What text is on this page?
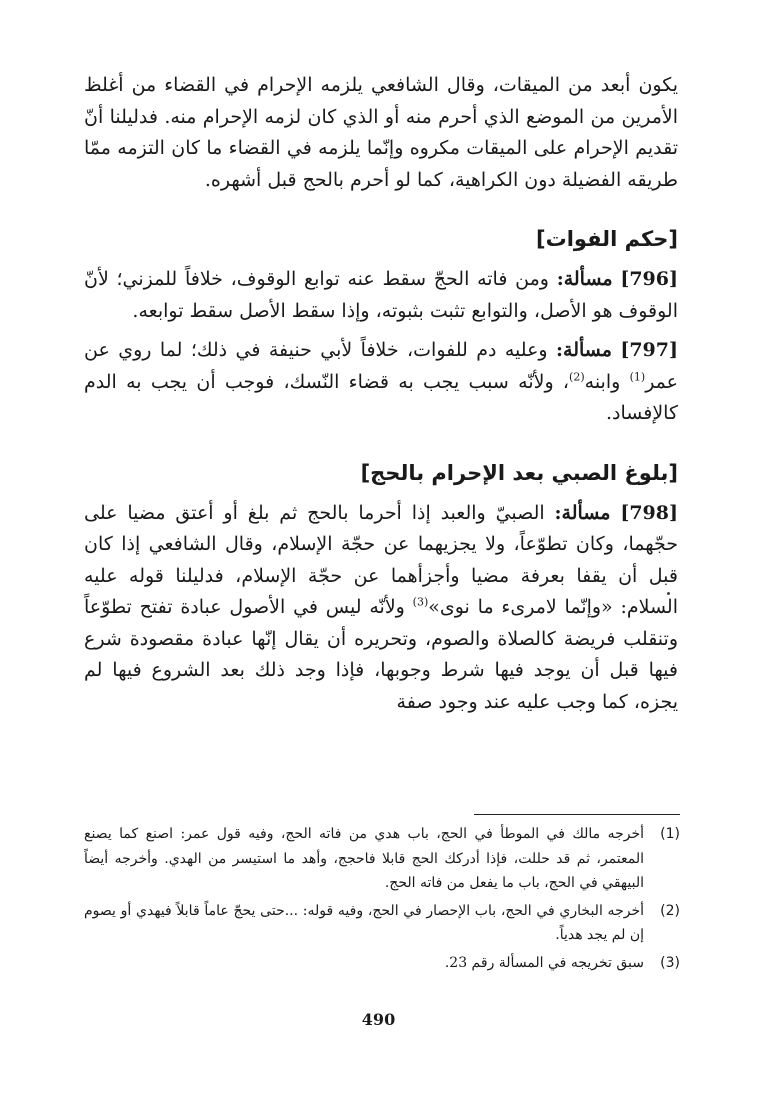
يكون أبعد من الميقات، وقال الشافعي يلزمه الإحرام في القضاء من أغلظ الأمرين من الموضع الذي أحرم منه أو الذي كان لزمه الإحرام منه. فدليلنا أنّ تقديم الإحرام على الميقات مكروه وإنّما يلزمه في القضاء ما كان التزمه ممّا طريقه الفضيلة دون الكراهية، كما لو أحرم بالحج قبل أشهره.

[حكم الفوات]

[796] مسألة: ومن فاته الحجّ سقط عنه توابع الوقوف، خلافاً للمزني؛ لأنّ الوقوف هو الأصل، والتوابع تثبت بثبوته، وإذا سقط الأصل سقط توابعه.

[797] مسألة: وعليه دم للفوات، خلافاً لأبي حنيفة في ذلك؛ لما روي عن عمر$^{(1)}$ وابنه$^{(2)}$، ولأنّه سبب يجب به قضاء النّسك، فوجب أن يجب به الدم كالإفساد.

[بلوغ الصبي بعد الإحرام بالحج]

[798] مسألة: الصبيّ والعبد إذا أحرما بالحج ثم بلغ أو أعتق مضيا على حجّهما، وكان تطوّعاً، ولا يجزيهما عن حجّة الإسلام، وقال الشافعي إذا كان قبل أن يقفا بعرفة مضيا وأجزأهما عن حجّة الإسلام، فدليلنا قوله عليه السلام: «وإنّما لامرىء ما نوى»$^{(3)}$ ولأنّه ليس في الأصول عبادة تفتح تطوّعاً وتنقلب فريضة كالصلاة والصوم، وتحريره أن يقال إنّها عبادة مقصودة شرع فيها قبل أن يوجد فيها شرط وجوبها، فإذا وجد ذلك بعد الشروع فيها لم يجزه، كما وجب عليه عند وجود صفة

(1)
أخرجه مالك في الموطأ في الحج، باب هدي من فاته الحج، وفيه قول عمر: اصنع كما يصنع المعتمر، ثم قد حللت، فإذا أدركك الحج قابلا فاحجج، وأهد ما استيسر من الهدي. وأخرجه أيضاً البيهقي في الحج، باب ما يفعل من فاته الحج.
(2)
أخرجه البخاري في الحج، باب الإحصار في الحج، وفيه قوله: ...حتى يحجّ عاماً قابلاً فيهدي أو يصوم إن لم يجد هدياً.
(3)
سبق تخريجه في المسألة رقم 23.
490
